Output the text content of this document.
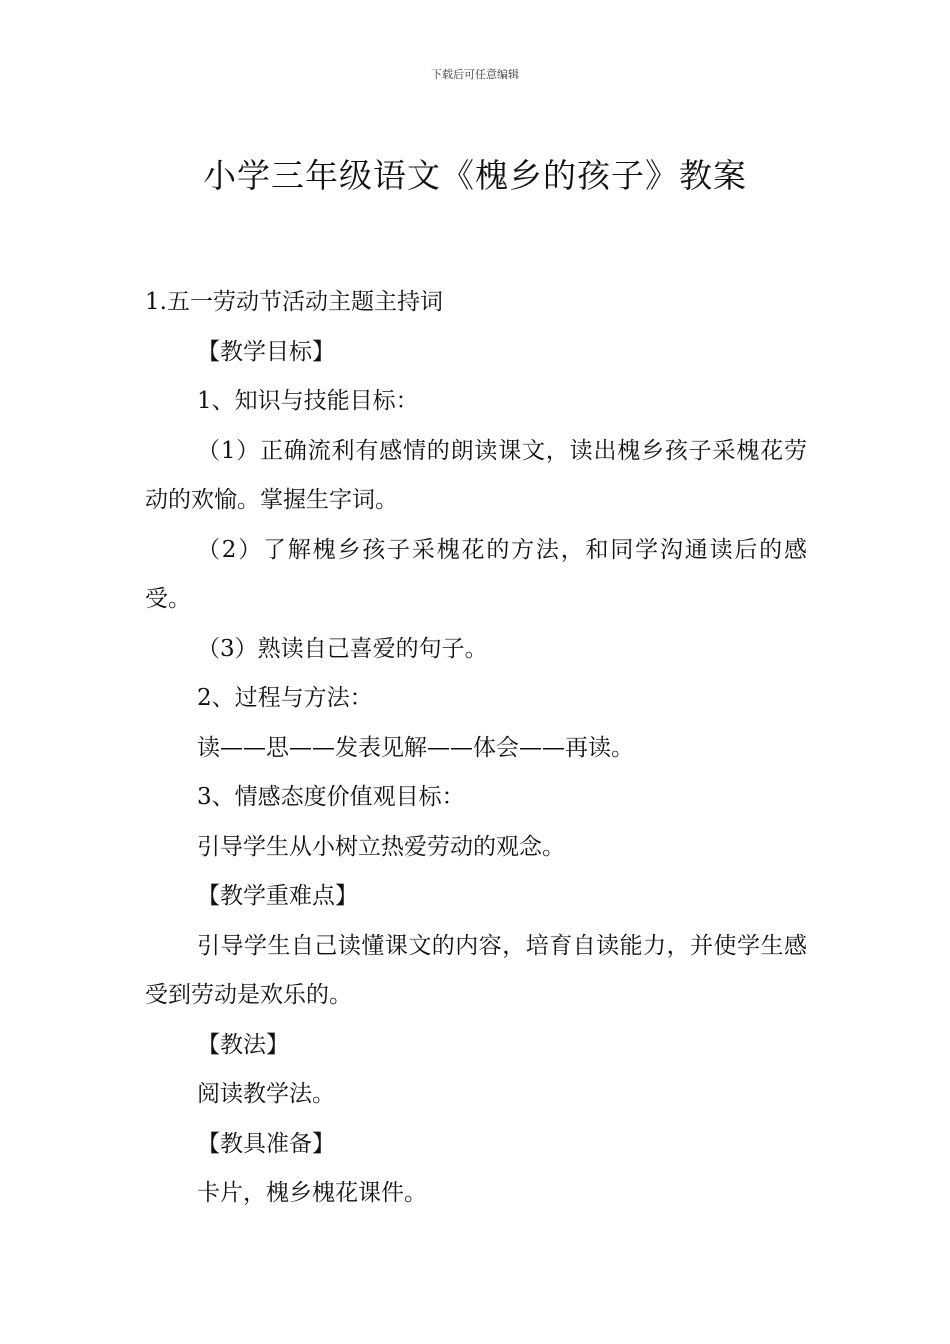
下载后可任意编辑
小学三年级语文《槐乡的孩子》教案

1.五一劳动节活动主题主持词

【教学目标】

1、知识与技能目标：

（1）正确流利有感情的朗读课文，读出槐乡孩子采槐花劳动的欢愉。掌握生字词。

（2）了解槐乡孩子采槐花的方法，和同学沟通读后的感受。

（3）熟读自己喜爱的句子。

2、过程与方法：

读——思——发表见解——体会——再读。

3、情感态度价值观目标：

引导学生从小树立热爱劳动的观念。

【教学重难点】

引导学生自己读懂课文的内容，培育自读能力，并使学生感受到劳动是欢乐的。

【教法】

阅读教学法。

【教具准备】

卡片，槐乡槐花课件。
